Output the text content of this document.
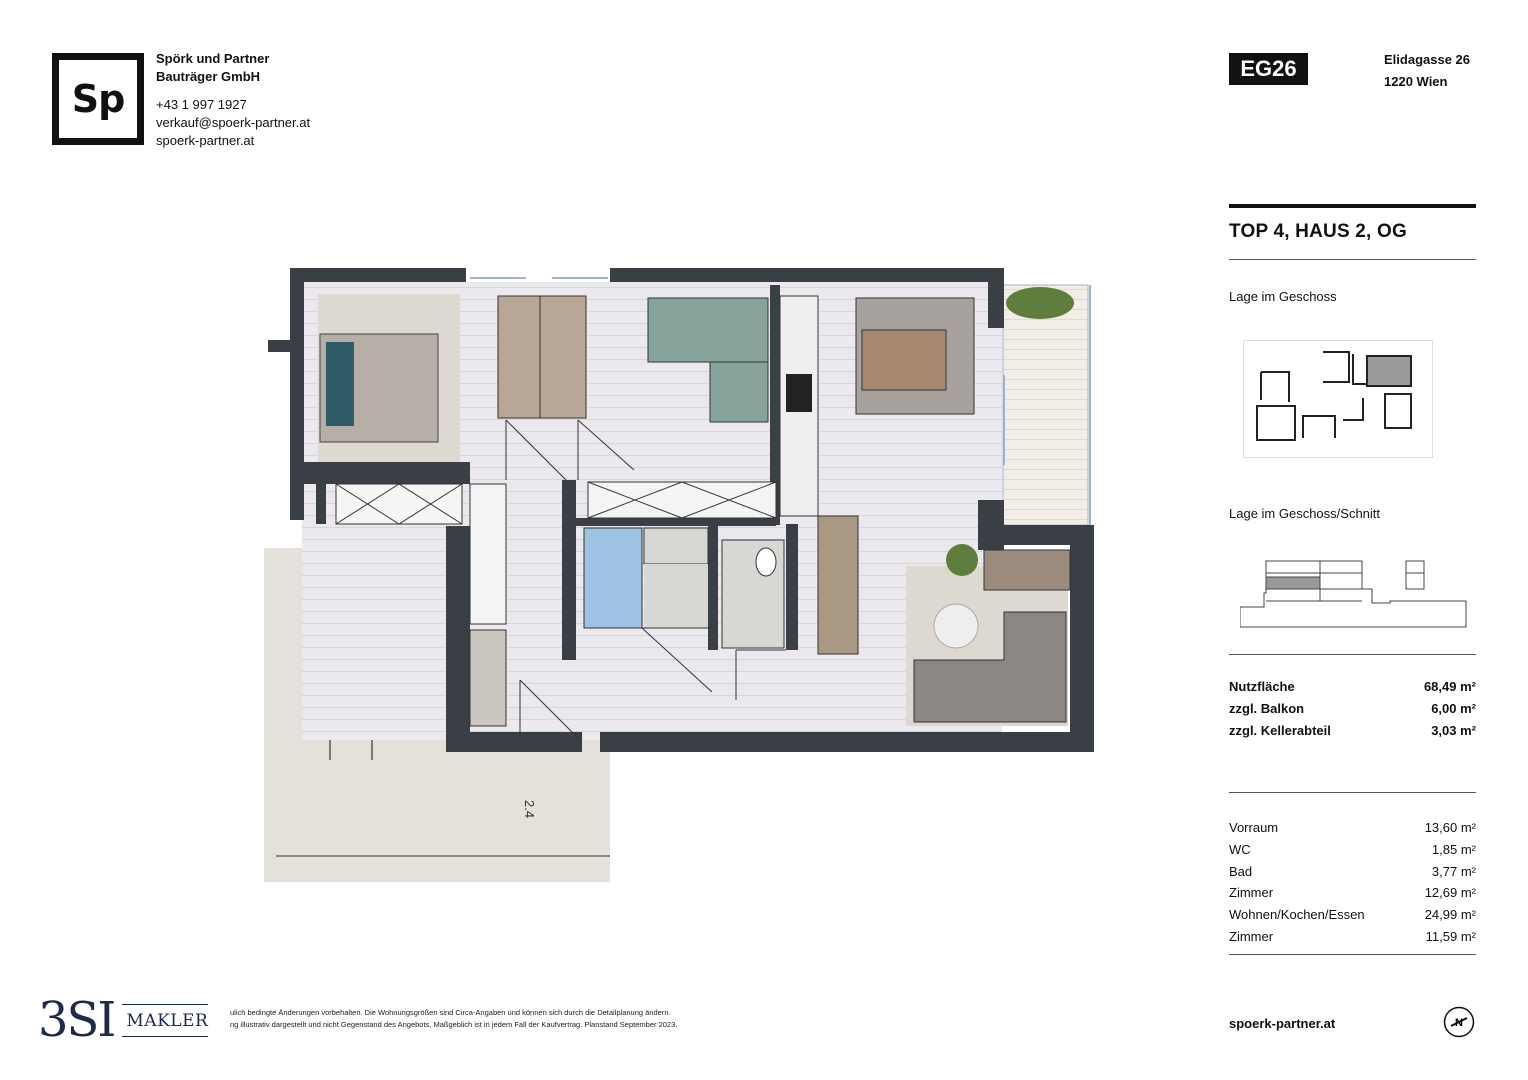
Sp
Spörk und Partner
Bauträger GmbH
+43 1 997 1927
verkauf@spoerk-partner.at
spoerk-partner.at
EG26	Elidagasse 26
1220 Wien
TOP 4, HAUS 2, OG
Lage im Geschoss
Lage im Geschoss/Schnitt
Nutzfläche	68,49 m²
zzgl. Balkon	6,00 m²
zzgl. Kellerabteil	3,03 m²
Vorraum	13,60 m²
WC	1,85 m²
Bad	3,77 m²
Zimmer	12,69 m²
Wohnen/Kochen/Essen	24,99 m²
Zimmer	11,59 m²
spoerk-partner.at	N
3SI MAKLER	ulich bedingte Änderungen vorbehalten. Die Wohnungsgrößen sind Circa-Angaben und können sich durch die Detailplanung ändern.
ng illustrativ dargestellt und nicht Gegenstand des Angebots. Maßgeblich ist in jedem Fall der Kaufvertrag. Planstand September 2023.
2.4
